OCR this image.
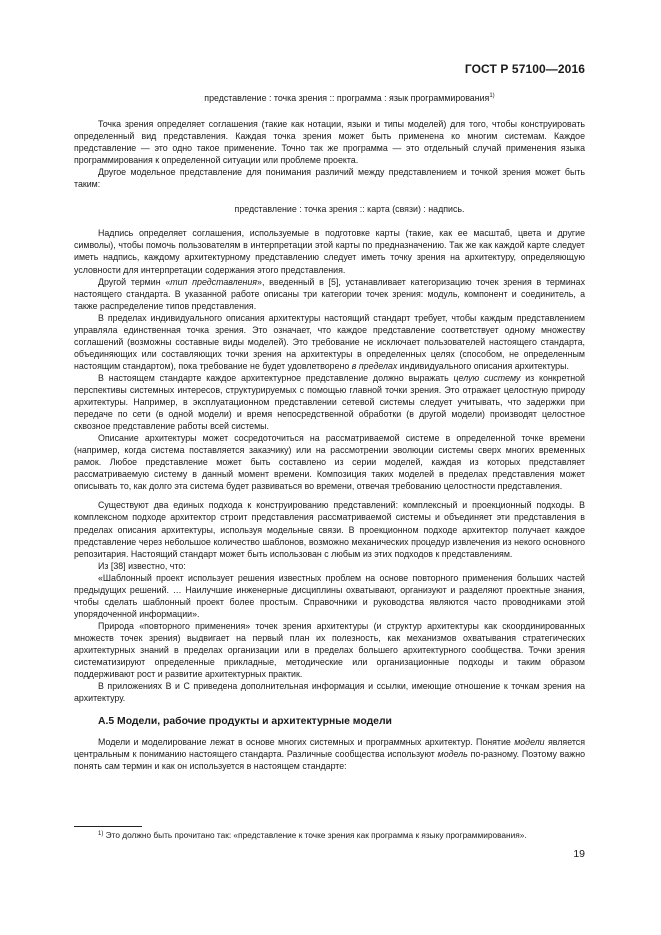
ГОСТ Р 57100—2016

представление : точка зрения :: программа : язык программирования$^{1)}$

Точка зрения определяет соглашения (такие как нотации, языки и типы моделей) для того, чтобы конструировать определенный вид представления. Каждая точка зрения может быть применена ко многим системам. Каждое представление — это одно такое применение. Точно так же программа — это отдельный случай применения языка программирования к определенной ситуации или проблеме проекта.

Другое модельное представление для понимания различий между представлением и точкой зрения может быть таким:

представление : точка зрения :: карта (связи) : надпись.

Надпись определяет соглашения, используемые в подготовке карты (такие, как ее масштаб, цвета и другие символы), чтобы помочь пользователям в интерпретации этой карты по предназначению. Так же как каждой карте следует иметь надпись, каждому архитектурному представлению следует иметь точку зрения на архитектуру, определяющую условности для интерпретации содержания этого представления.

Другой термин «тип представления», введенный в [5], устанавливает категоризацию точек зрения в терминах настоящего стандарта. В указанной работе описаны три категории точек зрения: модуль, компонент и соединитель, а также распределение типов представления.

В пределах индивидуального описания архитектуры настоящий стандарт требует, чтобы каждым представлением управляла единственная точка зрения. Это означает, что каждое представление соответствует одному множеству соглашений (возможны составные виды моделей). Это требование не исключает пользователей настоящего стандарта, объединяющих или составляющих точки зрения на архитектуры в определенных целях (способом, не определенным настоящим стандартом), пока требование не будет удовлетворено в пределах индивидуального описания архитектуры.

В настоящем стандарте каждое архитектурное представление должно выражать целую систему из конкретной перспективы системных интересов, структурируемых с помощью главной точки зрения. Это отражает целостную природу архитектуры. Например, в эксплуатационном представлении сетевой системы следует учитывать, что задержки при передаче по сети (в одной модели) и время непосредственной обработки (в другой модели) производят целостное сквозное представление работы всей системы.

Описание архитектуры может сосредоточиться на рассматриваемой системе в определенной точке времени (например, когда система поставляется заказчику) или на рассмотрении эволюции системы сверх многих временных рамок. Любое представление может быть составлено из серии моделей, каждая из которых представляет рассматриваемую систему в данный момент времени. Композиция таких моделей в пределах представления может описывать то, как долго эта система будет развиваться во времени, отвечая требованию целостности представления.

Существуют два единых подхода к конструированию представлений: комплексный и проекционный подходы. В комплексном подходе архитектор строит представления рассматриваемой системы и объединяет эти представления в пределах описания архитектуры, используя модельные связи. В проекционном подходе архитектор получает каждое представление через небольшое количество шаблонов, возможно механических процедур извлечения из некого основного репозитария. Настоящий стандарт может быть использован с любым из этих подходов к представлениям.

Из [38] известно, что:

«Шаблонный проект использует решения известных проблем на основе повторного применения больших частей предыдущих решений. … Наилучшие инженерные дисциплины охватывают, организуют и разделяют проектные знания, чтобы сделать шаблонный проект более простым. Справочники и руководства являются часто проводниками этой упорядоченной информации».

Природа «повторного применения» точек зрения архитектуры (и структур архитектуры как скоординированных множеств точек зрения) выдвигает на первый план их полезность, как механизмов охватывания стратегических архитектурных знаний в пределах организации или в пределах большего архитектурного сообщества. Точки зрения систематизируют определенные прикладные, методические или организационные подходы и таким образом поддерживают рост и развитие архитектурных практик.

В приложениях В и С приведена дополнительная информация и ссылки, имеющие отношение к точкам зрения на архитектуру.

А.5 Модели, рабочие продукты и архитектурные модели

Модели и моделирование лежат в основе многих системных и программных архитектур. Понятие модели является центральным к пониманию настоящего стандарта. Различные сообщества используют модель по-разному. Поэтому важно понять сам термин и как он используется в настоящем стандарте:

$^{1)}$ Это должно быть прочитано так: «представление к точке зрения как программа к языку программирования».
19
